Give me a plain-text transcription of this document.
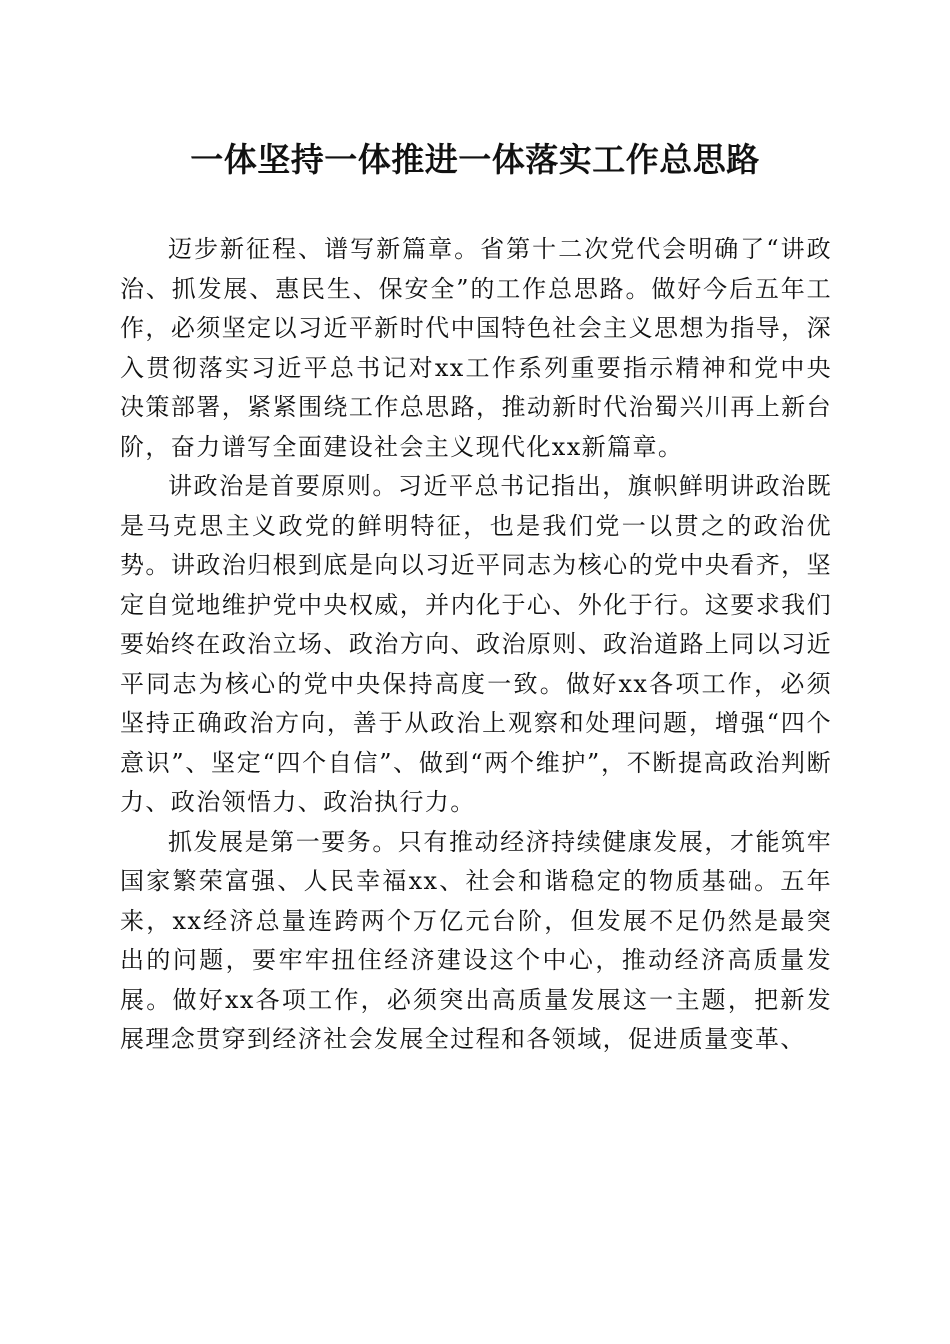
一体坚持一体推进一体落实工作总思路

迈步新征程、谱写新篇章。省第十二次党代会明确了“讲政治、抓发展、惠民生、保安全”的工作总思路。做好今后五年工作，必须坚定以习近平新时代中国特色社会主义思想为指导，深入贯彻落实习近平总书记对xx工作系列重要指示精神和党中央决策部署，紧紧围绕工作总思路，推动新时代治蜀兴川再上新台阶，奋力谱写全面建设社会主义现代化xx新篇章。

讲政治是首要原则。习近平总书记指出，旗帜鲜明讲政治既是马克思主义政党的鲜明特征，也是我们党一以贯之的政治优势。讲政治归根到底是向以习近平同志为核心的党中央看齐，坚定自觉地维护党中央权威，并内化于心、外化于行。这要求我们要始终在政治立场、政治方向、政治原则、政治道路上同以习近平同志为核心的党中央保持高度一致。做好xx各项工作，必须坚持正确政治方向，善于从政治上观察和处理问题，增强“四个意识”、坚定“四个自信”、做到“两个维护”，不断提高政治判断力、政治领悟力、政治执行力。

抓发展是第一要务。只有推动经济持续健康发展，才能筑牢国家繁荣富强、人民幸福xx、社会和谐稳定的物质基础。五年来，xx经济总量连跨两个万亿元台阶，但发展不足仍然是最突出的问题，要牢牢扭住经济建设这个中心，推动经济高质量发展。做好xx各项工作，必须突出高质量发展这一主题，把新发展理念贯穿到经济社会发展全过程和各领域，促进质量变革、
